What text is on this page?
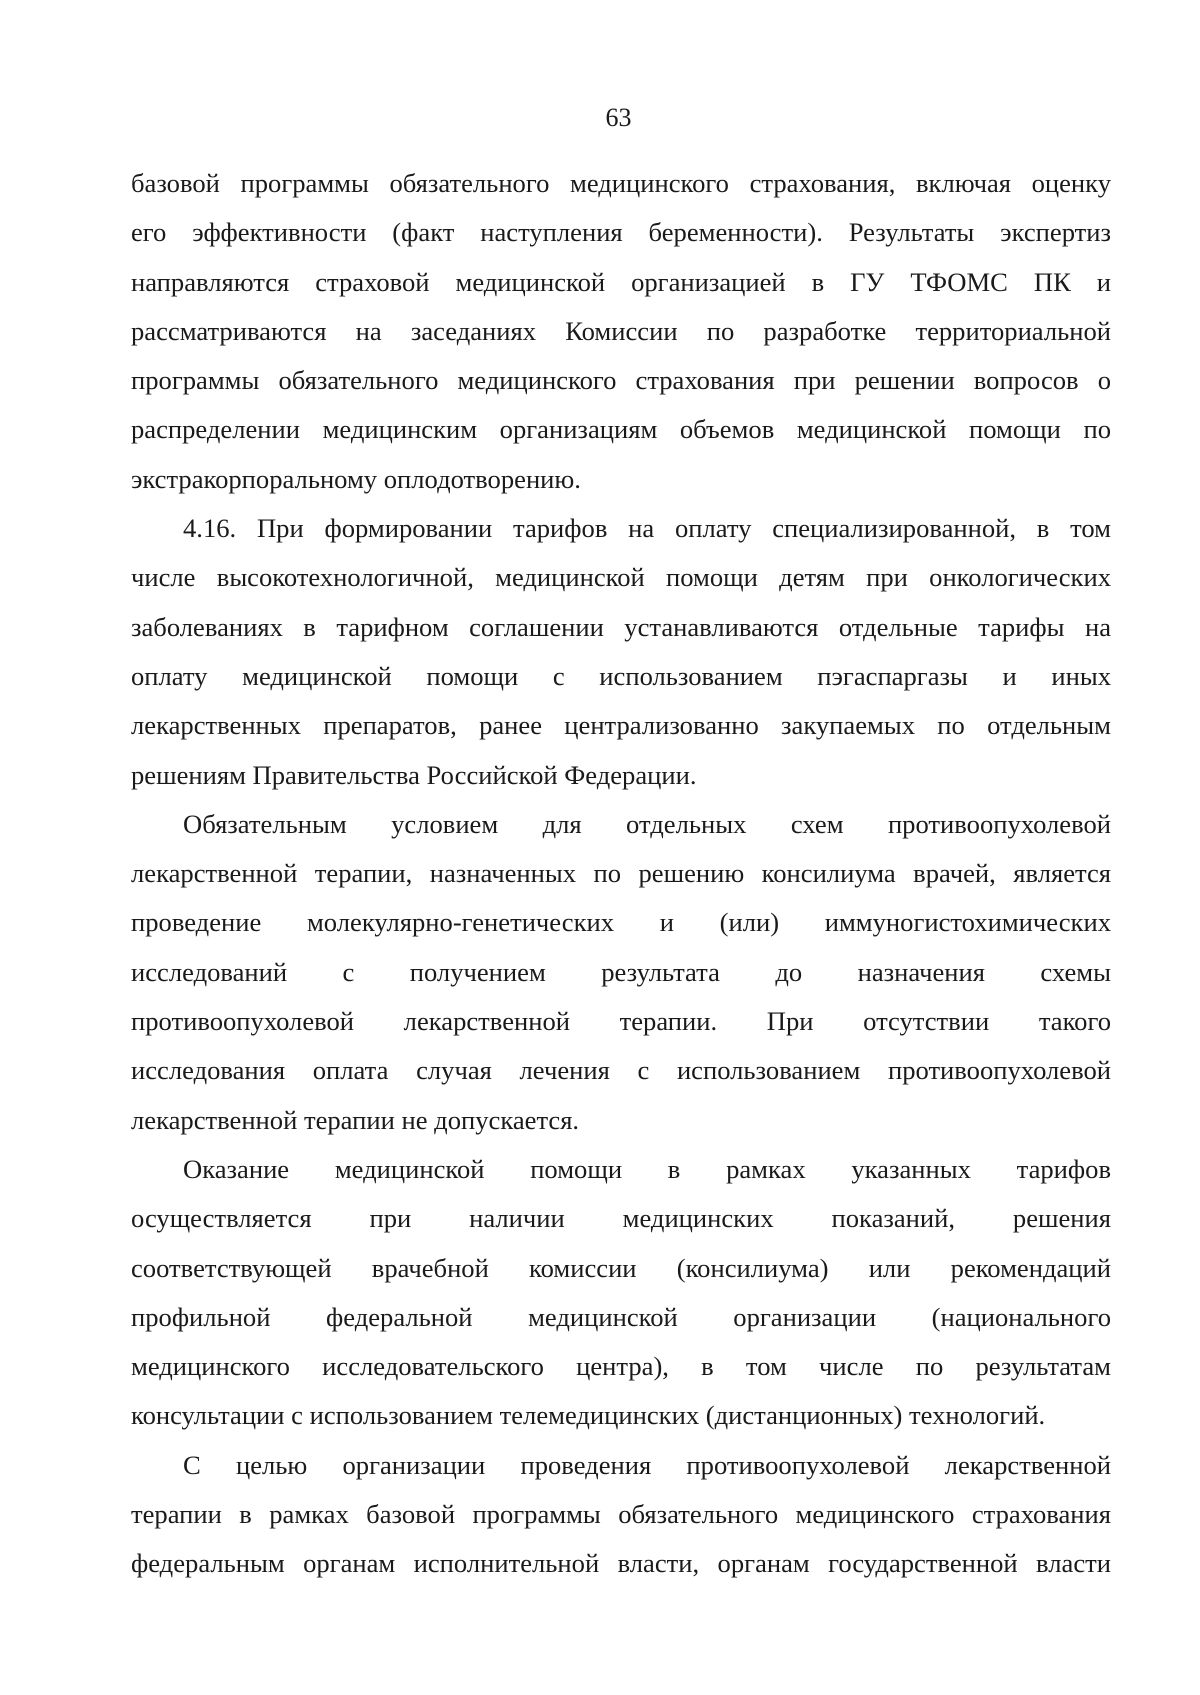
63
базовой программы обязательного медицинского страхования, включая оценку
его эффективности (факт наступления беременности). Результаты экспертиз
направляются страховой медицинской организацией в ГУ ТФОМС ПК и
рассматриваются на заседаниях Комиссии по разработке территориальной
программы обязательного медицинского страхования при решении вопросов о
распределении медицинским организациям объемов медицинской помощи по
экстракорпоральному оплодотворению.
4.16. При формировании тарифов на оплату специализированной, в том
числе высокотехнологичной, медицинской помощи детям при онкологических
заболеваниях в тарифном соглашении устанавливаются отдельные тарифы на
оплату медицинской помощи с использованием пэгаспаргазы и иных
лекарственных препаратов, ранее централизованно закупаемых по отдельным
решениям Правительства Российской Федерации.
Обязательным условием для отдельных схем противоопухолевой
лекарственной терапии, назначенных по решению консилиума врачей, является
проведение молекулярно-генетических и (или) иммуногистохимических
исследований с получением результата до назначения схемы
противоопухолевой лекарственной терапии. При отсутствии такого
исследования оплата случая лечения с использованием противоопухолевой
лекарственной терапии не допускается.
Оказание медицинской помощи в рамках указанных тарифов
осуществляется при наличии медицинских показаний, решения
соответствующей врачебной комиссии (консилиума) или рекомендаций
профильной федеральной медицинской организации (национального
медицинского исследовательского центра), в том числе по результатам
консультации с использованием телемедицинских (дистанционных) технологий.
С целью организации проведения противоопухолевой лекарственной
терапии в рамках базовой программы обязательного медицинского страхования
федеральным органам исполнительной власти, органам государственной власти
